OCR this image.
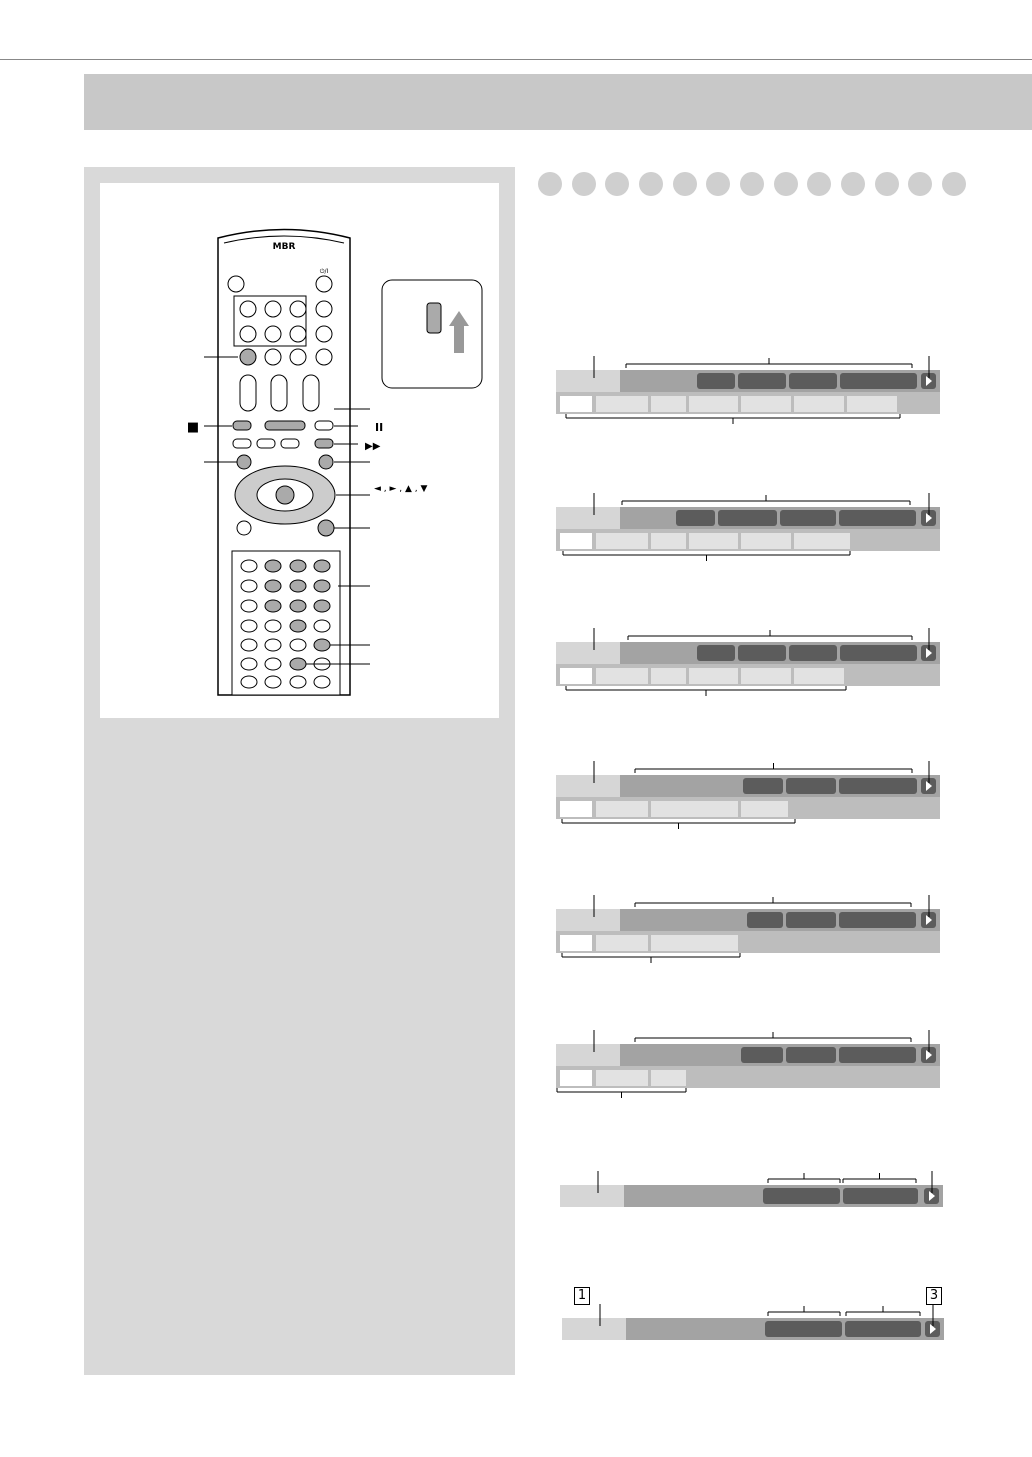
MBR
⏻/I
■	II
▶▶
◄ , ► , ▲ , ▼
1	3
